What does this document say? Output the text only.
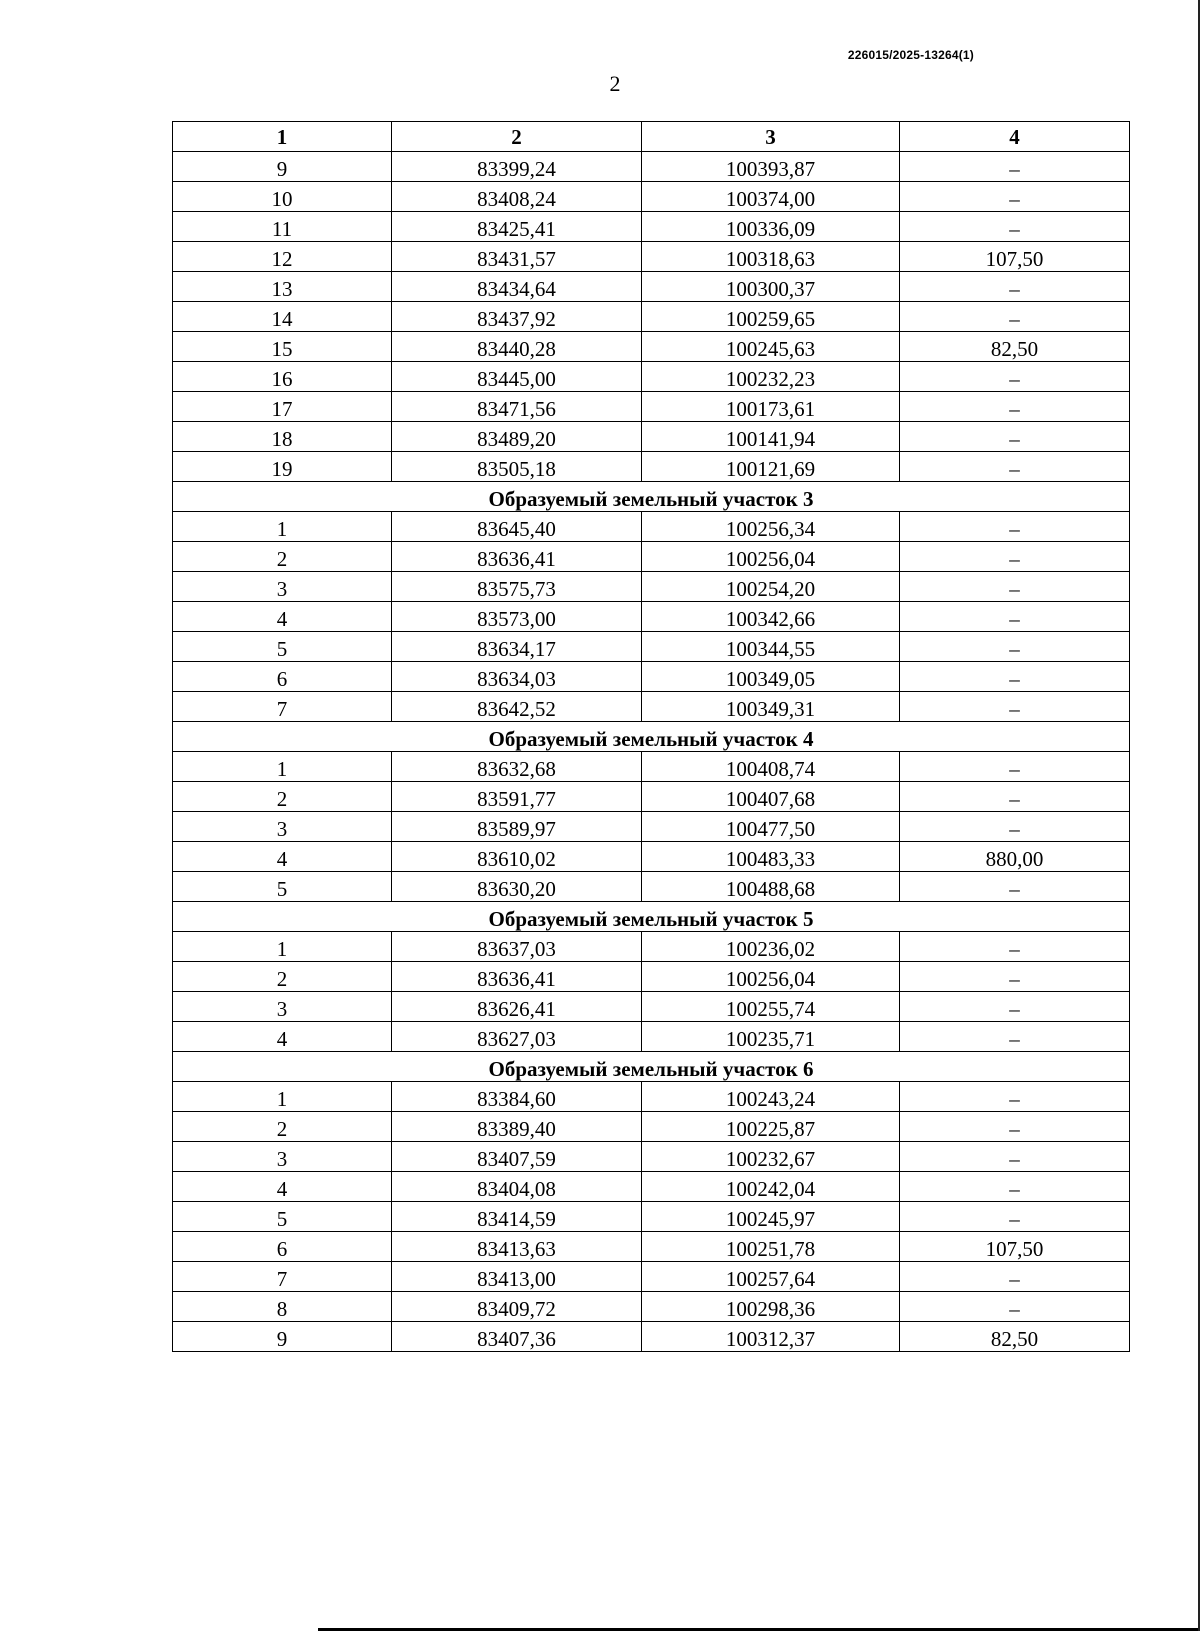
226015/2025-13264(1)
2
1	2	3	4
9	83399,24	100393,87	–
10	83408,24	100374,00	–
11	83425,41	100336,09	–
12	83431,57	100318,63	107,50
13	83434,64	100300,37	–
14	83437,92	100259,65	–
15	83440,28	100245,63	82,50
16	83445,00	100232,23	–
17	83471,56	100173,61	–
18	83489,20	100141,94	–
19	83505,18	100121,69	–
Образуемый земельный участок 3			
1	83645,40	100256,34	–
2	83636,41	100256,04	–
3	83575,73	100254,20	–
4	83573,00	100342,66	–
5	83634,17	100344,55	–
6	83634,03	100349,05	–
7	83642,52	100349,31	–
Образуемый земельный участок 4			
1	83632,68	100408,74	–
2	83591,77	100407,68	–
3	83589,97	100477,50	–
4	83610,02	100483,33	880,00
5	83630,20	100488,68	–
Образуемый земельный участок 5			
1	83637,03	100236,02	–
2	83636,41	100256,04	–
3	83626,41	100255,74	–
4	83627,03	100235,71	–
Образуемый земельный участок 6			
1	83384,60	100243,24	–
2	83389,40	100225,87	–
3	83407,59	100232,67	–
4	83404,08	100242,04	–
5	83414,59	100245,97	–
6	83413,63	100251,78	107,50
7	83413,00	100257,64	–
8	83409,72	100298,36	–
9	83407,36	100312,37	82,50
